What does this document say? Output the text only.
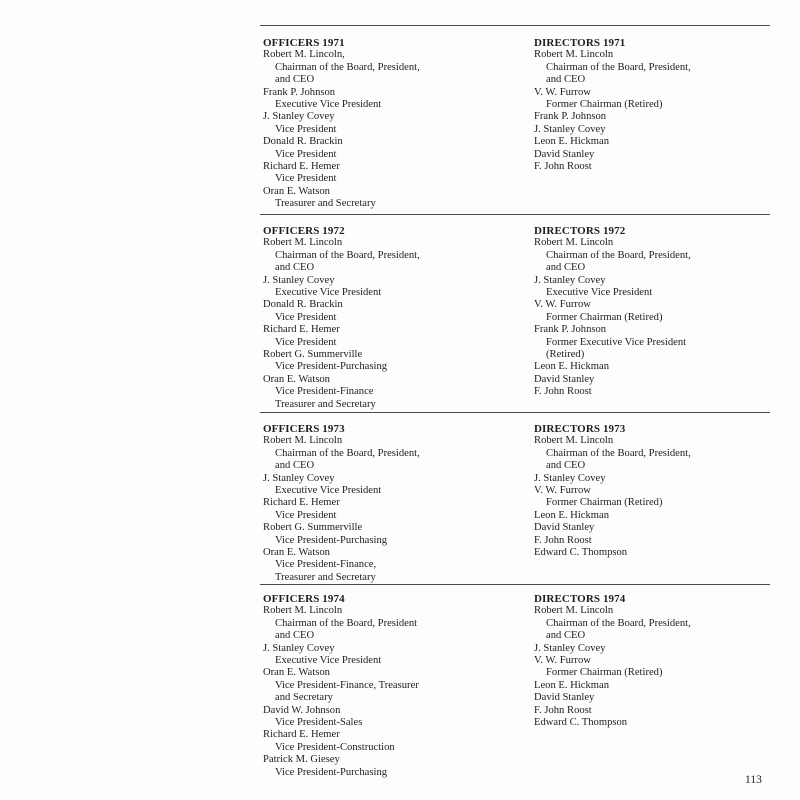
OFFICERS 1971
Robert M. Lincoln,
Chairman of the Board, President,
and CEO
Frank P. Johnson
Executive Vice President
J. Stanley Covey
Vice President
Donald R. Brackin
Vice President
Richard E. Hemer
Vice President
Oran E. Watson
Treasurer and Secretary
DIRECTORS 1971
Robert M. Lincoln
Chairman of the Board, President,
and CEO
V. W. Furrow
Former Chairman (Retired)
Frank P. Johnson
J. Stanley Covey
Leon E. Hickman
David Stanley
F. John Roost
OFFICERS 1972
Robert M. Lincoln
Chairman of the Board, President,
and CEO
J. Stanley Covey
Executive Vice President
Donald R. Brackin
Vice President
Richard E. Hemer
Vice President
Robert G. Summerville
Vice President-Purchasing
Oran E. Watson
Vice President-Finance
Treasurer and Secretary
DIRECTORS 1972
Robert M. Lincoln
Chairman of the Board, President,
and CEO
J. Stanley Covey
Executive Vice President
V. W. Furrow
Former Chairman (Retired)
Frank P. Johnson
Former Executive Vice President
(Retired)
Leon E. Hickman
David Stanley
F. John Roost
OFFICERS 1973
Robert M. Lincoln
Chairman of the Board, President,
and CEO
J. Stanley Covey
Executive Vice President
Richard E. Hemer
Vice President
Robert G. Summerville
Vice President-Purchasing
Oran E. Watson
Vice President-Finance,
Treasurer and Secretary
DIRECTORS 1973
Robert M. Lincoln
Chairman of the Board, President,
and CEO
J. Stanley Covey
V. W. Furrow
Former Chairman (Retired)
Leon E. Hickman
David Stanley
F. John Roost
Edward C. Thompson
OFFICERS 1974
Robert M. Lincoln
Chairman of the Board, President
and CEO
J. Stanley Covey
Executive Vice President
Oran E. Watson
Vice President-Finance, Treasurer
and Secretary
David W. Johnson
Vice President-Sales
Richard E. Hemer
Vice President-Construction
Patrick M. Giesey
Vice President-Purchasing
DIRECTORS 1974
Robert M. Lincoln
Chairman of the Board, President,
and CEO
J. Stanley Covey
V. W. Furrow
Former Chairman (Retired)
Leon E. Hickman
David Stanley
F. John Roost
Edward C. Thompson
113
